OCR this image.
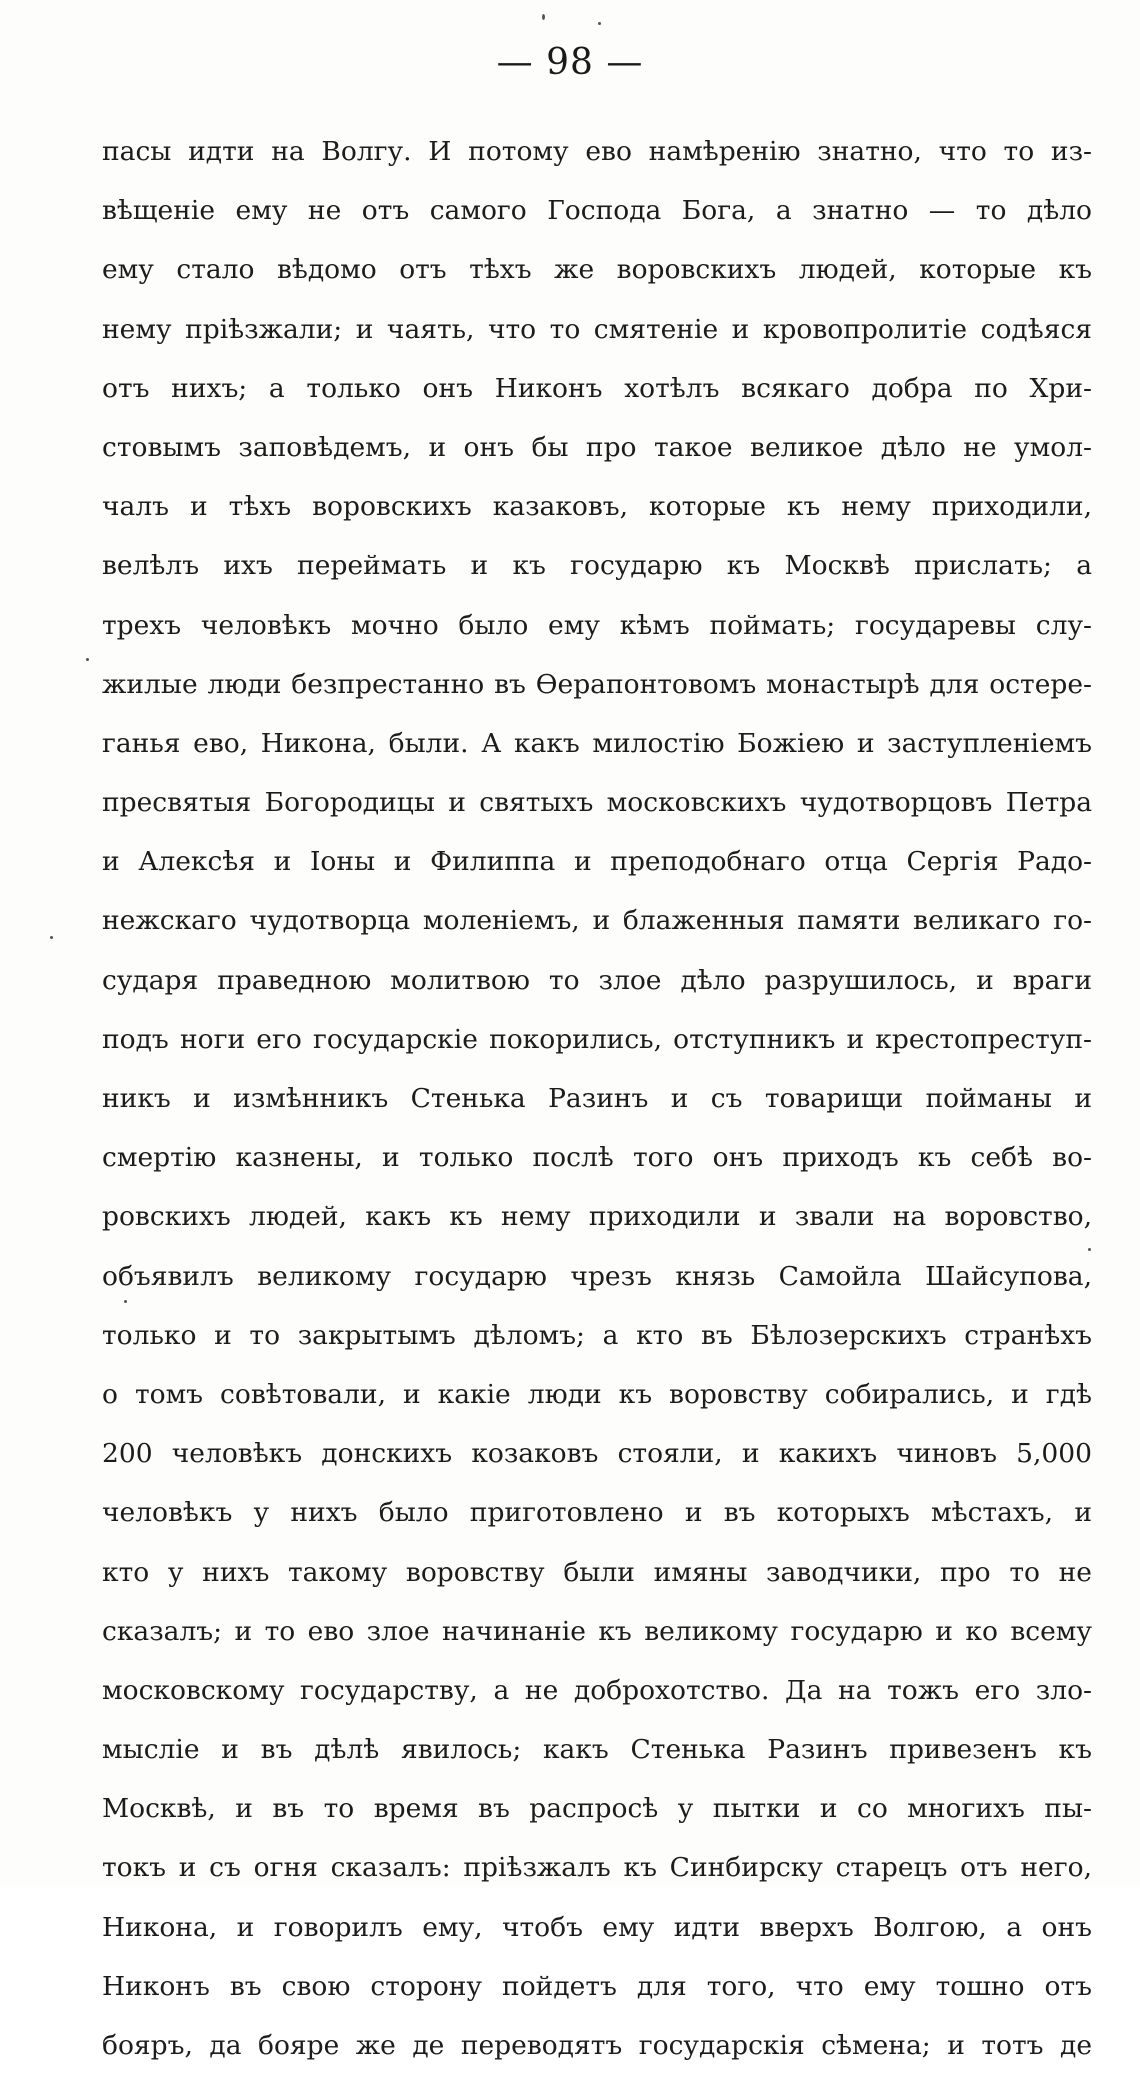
— 98 —
пасы идти на Волгу. И потому ево намѣренію знатно, что то из-
вѣщеніе ему не отъ самого Господа Бога, а знатно — то дѣло
ему стало вѣдомо отъ тѣхъ же воровскихъ людей, которые къ
нему пріѣзжали; и чаять, что то смятеніе и кровопролитіе содѣяся
отъ нихъ; а только онъ Никонъ хотѣлъ всякаго добра по Хри-
стовымъ заповѣдемъ, и онъ бы про такое великое дѣло не умол-
чалъ и тѣхъ воровскихъ казаковъ, которые къ нему приходили,
велѣлъ ихъ переймать и къ государю къ Москвѣ прислать; а
трехъ человѣкъ мочно было ему кѣмъ поймать; государевы слу-
жилые люди безпрестанно въ Ѳерапонтовомъ монастырѣ для остере-
ганья ево, Никона, были. А какъ милостію Божіею и заступленіемъ
пресвятыя Богородицы и святыхъ московскихъ чудотворцовъ Петра
и Алексѣя и Іоны и Филиппа и преподобнаго отца Сергія Радо-
нежскаго чудотворца моленіемъ, и блаженныя памяти великаго го-
сударя праведною молитвою то злое дѣло разрушилось, и враги
подъ ноги его государскіе покорились, отступникъ и крестопреступ-
никъ и измѣнникъ Стенька Разинъ и съ товарищи пойманы и
смертію казнены, и только послѣ того онъ приходъ къ себѣ во-
ровскихъ людей, какъ къ нему приходили и звали на воровство,
объявилъ великому государю чрезъ князь Самойла Шайсупова,
только и то закрытымъ дѣломъ; а кто въ Бѣлозерскихъ странѣхъ
о томъ совѣтовали, и какіе люди къ воровству собирались, и гдѣ
200 человѣкъ донскихъ козаковъ стояли, и какихъ чиновъ 5,000
человѣкъ у нихъ было приготовлено и въ которыхъ мѣстахъ, и
кто у нихъ такому воровству были имяны заводчики, про то не
сказалъ; и то ево злое начинаніе къ великому государю и ко всему
московскому государству, а не доброхотство. Да на тожъ его зло-
мысліе и въ дѣлѣ явилось; какъ Стенька Разинъ привезенъ къ
Москвѣ, и въ то время въ распросѣ у пытки и со многихъ пы-
токъ и съ огня сказалъ: пріѣзжалъ къ Синбирску старецъ отъ него,
Никона, и говорилъ ему, чтобъ ему идти вверхъ Волгою, а онъ
Никонъ въ свою сторону пойдетъ для того, что ему тошно отъ
бояръ, да бояре же де переводятъ государскія сѣмена; и тотъ де
